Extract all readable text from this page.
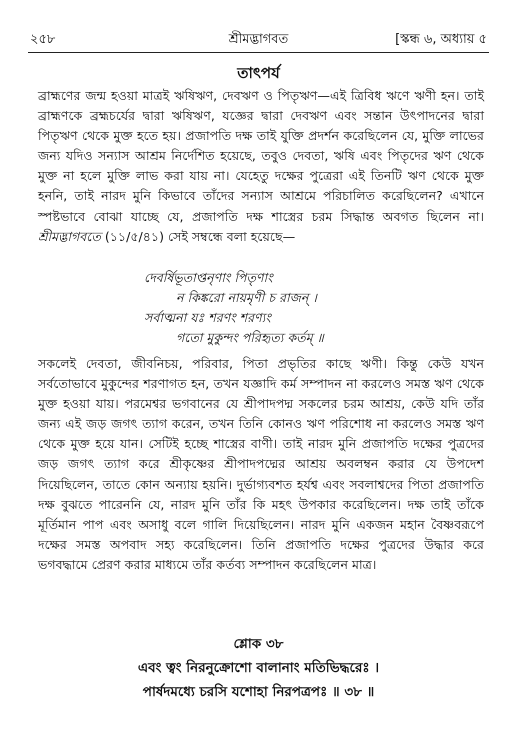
২৫৮	শ্রীমদ্ভাগবত	[স্কন্ধ ৬, অধ্যায় ৫
তাৎপর্য
ব্রাহ্মণের জন্ম হওয়া মাত্রই ঋষিঋণ, দেবঋণ ও পিতৃঋণ—এই ত্রিবিধ ঋণে ঋণী হন। তাই ব্রাহ্মণকে ব্রহ্মচর্যের দ্বারা ঋষিঋণ, যজ্ঞের দ্বারা দেবঋণ এবং সন্তান উৎপাদনের দ্বারা পিতৃঋণ থেকে মুক্ত হতে হয়। প্রজাপতি দক্ষ তাই যুক্তি প্রদর্শন করেছিলেন যে, মুক্তি লাভের জন্য যদিও সন্যাস আশ্রম নির্দেশিত হয়েছে, তবুও দেবতা, ঋষি এবং পিতৃদের ঋণ থেকে মুক্ত না হলে মুক্তি লাভ করা যায় না। যেহেতু দক্ষের পুত্রেরা এই তিনটি ঋণ থেকে মুক্ত হননি, তাই নারদ মুনি কিভাবে তাঁদের সন্যাস আশ্রমে পরিচালিত করেছিলেন? এখানে স্পষ্টভাবে বোঝা যাচ্ছে যে, প্রজাপতি দক্ষ শাস্ত্রের চরম সিদ্ধান্ত অবগত ছিলেন না। শ্রীমদ্ভাগবতে (১১/৫/৪১) সেই সম্বন্ধে বলা হয়েছে—
দেবর্ষিভূতাপ্তনৃণাং পিতৃণাং
ন কিঙ্করো নায়মৃণী চ রাজন্ ।
সর্বাত্মনা যঃ শরণং শরণ্যং
গতো মুকুন্দং পরিহৃত্য কর্তম্ ॥
সকলেই দেবতা, জীবনিচয়, পরিবার, পিতা প্রভৃতির কাছে ঋণী। কিন্তু কেউ যখন সর্বতোভাবে মুকুন্দের শরণাগত হন, তখন যজ্ঞাদি কর্ম সম্পাদন না করলেও সমস্ত ঋণ থেকে মুক্ত হওয়া যায়। পরমেশ্বর ভগবানের যে শ্রীপাদপদ্ম সকলের চরম আশ্রয়, কেউ যদি তাঁর জন্য এই জড় জগৎ ত্যাগ করেন, তখন তিনি কোনও ঋণ পরিশোধ না করলেও সমস্ত ঋণ থেকে মুক্ত হয়ে যান। সেটিই হচ্ছে শাস্ত্রের বাণী। তাই নারদ মুনি প্রজাপতি দক্ষের পুত্রদের জড় জগৎ ত্যাগ করে শ্রীকৃষ্ণের শ্রীপাদপদ্মের আশ্রয় অবলম্বন করার যে উপদেশ দিয়েছিলেন, তাতে কোন অন্যায় হয়নি। দুর্ভাগ্যবশত হর্যশ্ব এবং সবলাশ্বদের পিতা প্রজাপতি দক্ষ বুঝতে পারেননি যে, নারদ মুনি তাঁর কি মহৎ উপকার করেছিলেন। দক্ষ তাই তাঁকে মূর্তিমান পাপ এবং অসাধু বলে গালি দিয়েছিলেন। নারদ মুনি একজন মহান বৈষ্ণবরূপে দক্ষের সমস্ত অপবাদ সহ্য করেছিলেন। তিনি প্রজাপতি দক্ষের পুত্রদের উদ্ধার করে ভগবদ্ধামে প্রেরণ করার মাধ্যমে তাঁর কর্তব্য সম্পাদন করেছিলেন মাত্র।
শ্লোক ৩৮
এবং ত্বং নিরনুক্রোশো বালানাং মতিভিদ্ধরেঃ ।
পার্ষদমধ্যে চরসি যশোহা নিরপত্রপঃ ॥ ৩৮ ॥
